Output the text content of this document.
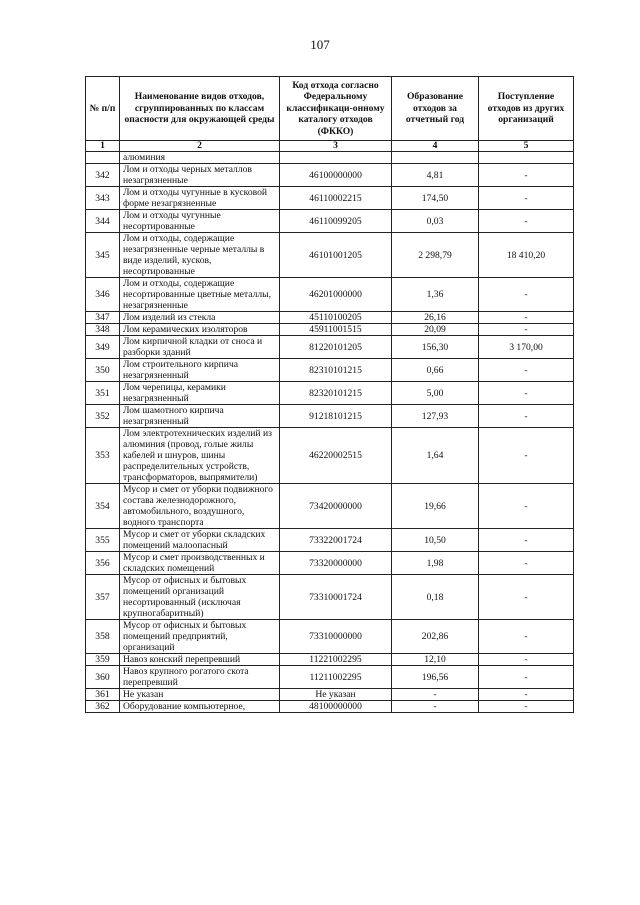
107
№ п/п	Наименование видов отходов, сгруппированных по классам опасности для окружающей среды	Код отхода согласно Федеральному классификаци-онному каталогу отходов (ФККО)	Образование отходов за отчетный год	Поступление отходов из других организаций
1	2	3	4	5
	алюминия			
342	Лом и отходы черных металлов незагрязненные	46100000000	4,81	-
343	Лом и отходы чугунные в кусковой форме незагрязненные	46110002215	174,50	-
344	Лом и отходы чугунные несортированные	46110099205	0,03	-
345	Лом и отходы, содержащие незагрязненные черные металлы в виде изделий, кусков, несортированные	46101001205	2 298,79	18 410,20
346	Лом и отходы, содержащие несортированные цветные металлы, незагрязненные	46201000000	1,36	-
347	Лом изделий из стекла	45110100205	26,16	-
348	Лом керамических изоляторов	45911001515	20,09	-
349	Лом кирпичной кладки от сноса и разборки зданий	81220101205	156,30	3 170,00
350	Лом строительного кирпича незагрязненный	82310101215	0,66	-
351	Лом черепицы, керамики незагрязненный	82320101215	5,00	-
352	Лом шамотного кирпича незагрязненный	91218101215	127,93	-
353	Лом электротехнических изделий из алюминия (провод, голые жилы кабелей и шнуров, шины распределительных устройств, трансформаторов, выпрямители)	46220002515	1,64	-
354	Мусор и смет от уборки подвижного состава железнодорожного, автомобильного, воздушного, водного транспорта	73420000000	19,66	-
355	Мусор и смет от уборки складских помещений малоопасный	73322001724	10,50	-
356	Мусор и смет производственных и складских помещений	73320000000	1,98	-
357	Мусор от офисных и бытовых помещений организаций несортированный (исключая крупногабаритный)	73310001724	0,18	-
358	Мусор от офисных и бытовых помещений предприятий, организаций	73310000000	202,86	-
359	Навоз конский перепревший	11221002295	12,10	-
360	Навоз крупного рогатого скота перепревший	11211002295	196,56	-
361	Не указан	Не указан	-	-
362	Оборудование компьютерное,	48100000000	-	-
